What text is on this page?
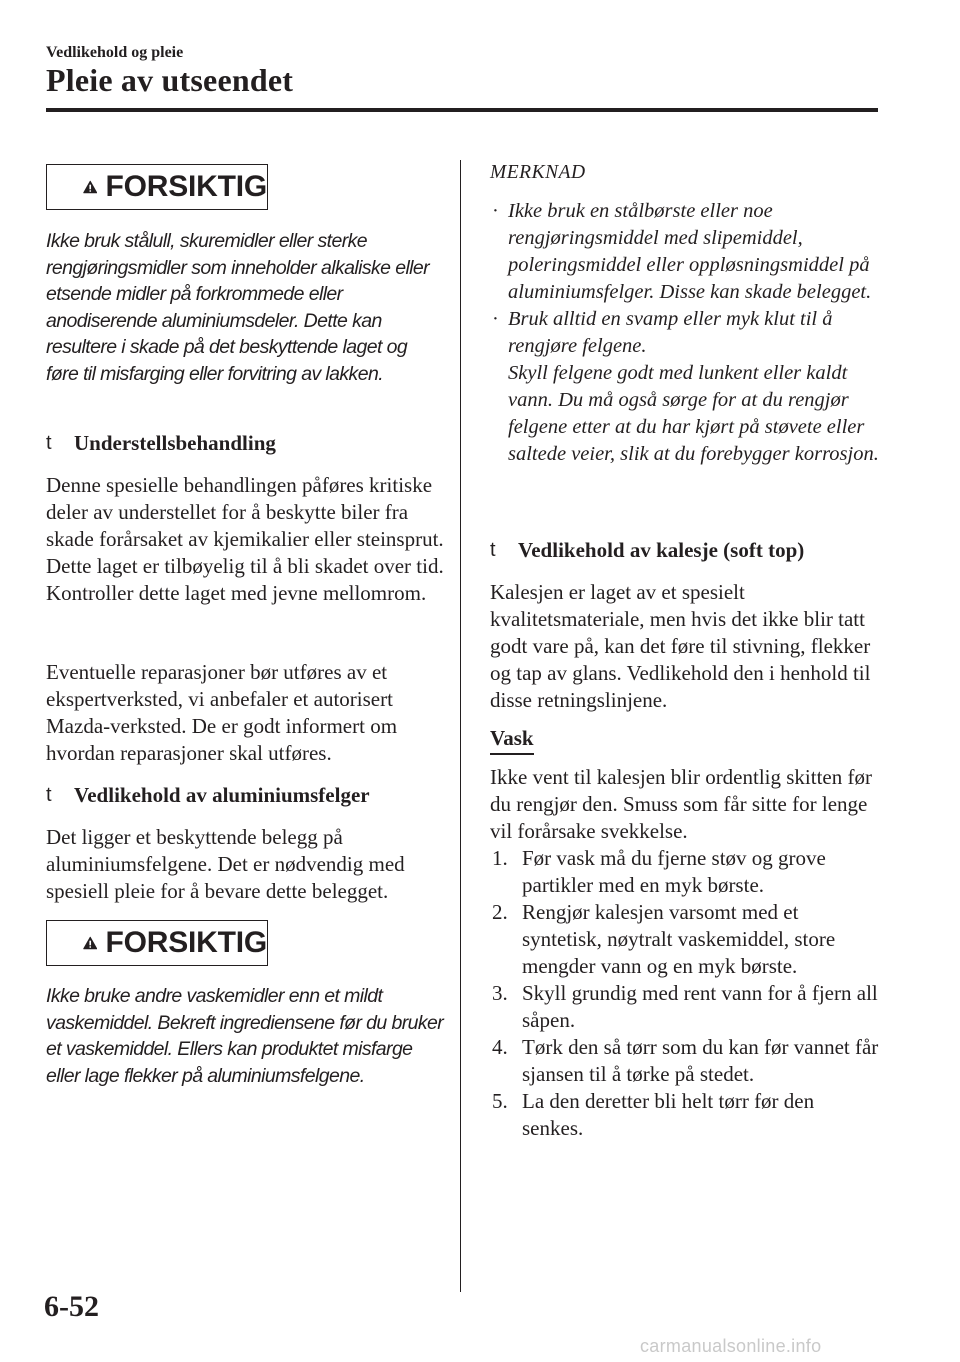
Vedlikehold og pleie
Pleie av utseendet
FORSIKTIG
Ikke bruk stålull, skuremidler eller sterke rengjøringsmidler som inneholder alkaliske eller etsende midler på forkrommede eller anodiserende aluminiumsdeler. Dette kan resultere i skade på det beskyttende laget og føre til misfarging eller forvitring av lakken.
t	Understellsbehandling

Denne spesielle behandlingen påføres kritiske deler av understellet for å beskytte biler fra skade forårsaket av kjemikalier eller steinsprut. Dette laget er tilbøyelig til å bli skadet over tid. Kontroller dette laget med jevne mellomrom.

Eventuelle reparasjoner bør utføres av et ekspertverksted, vi anbefaler et autorisert Mazda-verksted. De er godt informert om hvordan reparasjoner skal utføres.

t	Vedlikehold av aluminiumsfelger

Det ligger et beskyttende belegg på aluminiumsfelgene. Det er nødvendig med spesiell pleie for å bevare dette belegget.

FORSIKTIG
Ikke bruke andre vaskemidler enn et mildt vaskemiddel. Bekreft ingrediensene før du bruker et vaskemiddel. Ellers kan produktet misfarge eller lage flekker på aluminiumsfelgene.
MERKNAD
· Ikke bruk en stålbørste eller noe rengjøringsmiddel med slipemiddel, poleringsmiddel eller oppløsningsmiddel på aluminiumsfelger. Disse kan skade belegget.

· Bruk alltid en svamp eller myk klut til å rengjøre felgene.

Skyll felgene godt med lunkent eller kaldt vann. Du må også sørge for at du rengjør felgene etter at du har kjørt på støvete eller saltede veier, slik at du forebygger korrosjon.

t	Vedlikehold av kalesje (soft top)

Kalesjen er laget av et spesielt kvalitetsmateriale, men hvis det ikke blir tatt godt vare på, kan det føre til stivning, flekker og tap av glans. Vedlikehold den i henhold til disse retningslinjene.

Vask

Ikke vent til kalesjen blir ordentlig skitten før du rengjør den. Smuss som får sitte for lenge vil forårsake svekkelse.

1. Før vask må du fjerne støv og grove partikler med en myk børste.
2. Rengjør kalesjen varsomt med et syntetisk, nøytralt vaskemiddel, store mengder vann og en myk børste.
3. Skyll grundig med rent vann for å fjern all såpen.
4. Tørk den så tørr som du kan før vannet får sjansen til å tørke på stedet.
5. La den deretter bli helt tørr før den senkes.
6-52
carmanualsonline.info
